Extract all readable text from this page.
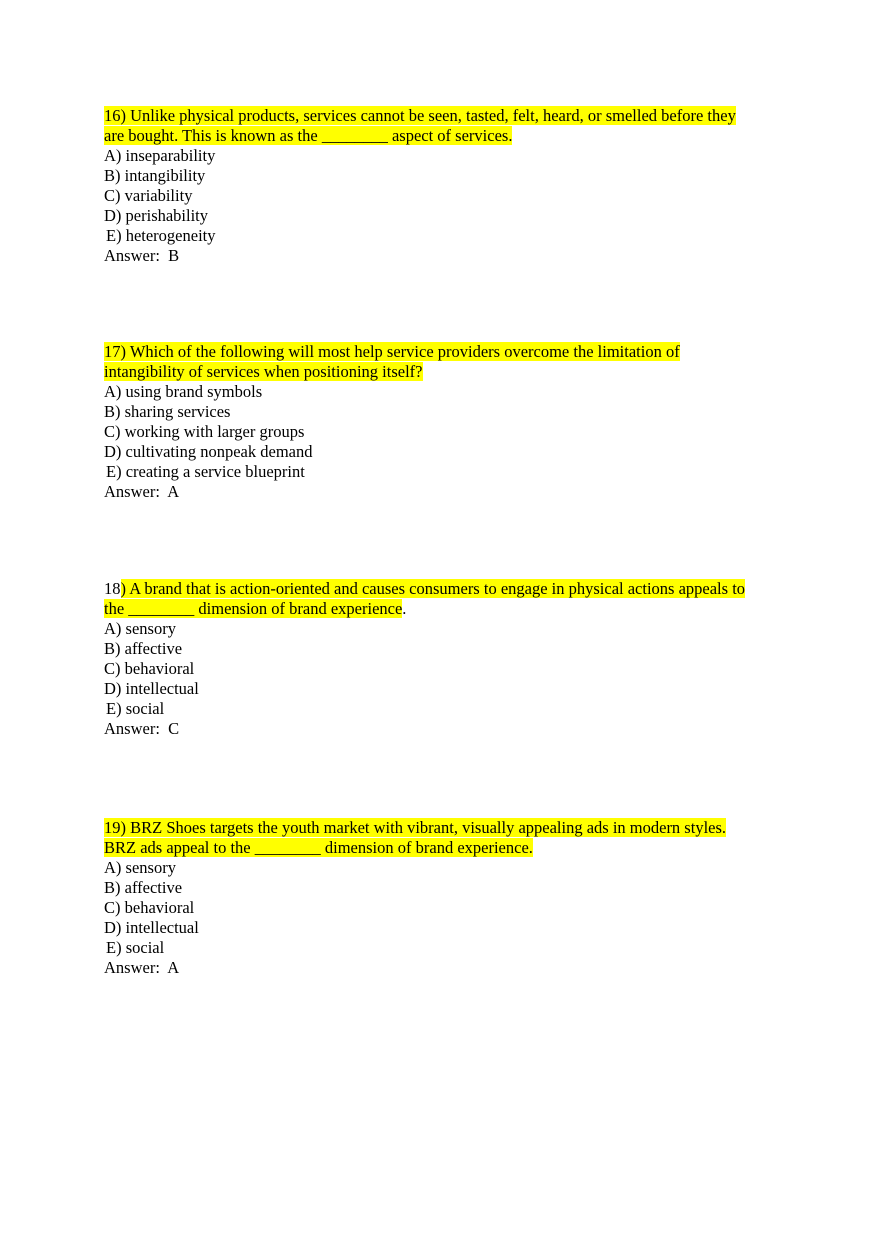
16) Unlike physical products, services cannot be seen, tasted, felt, heard, or smelled before they
are bought. This is known as the ________ aspect of services.

A) inseparability
B) intangibility
C) variability
D) perishability
E) heterogeneity
Answer: B

17) Which of the following will most help service providers overcome the limitation of
intangibility of services when positioning itself?

A) using brand symbols
B) sharing services
C) working with larger groups
D) cultivating nonpeak demand
E) creating a service blueprint
Answer: A

18) A brand that is action-oriented and causes consumers to engage in physical actions appeals to
the ________ dimension of brand experience.

A) sensory
B) affective
C) behavioral
D) intellectual
E) social
Answer: C

19) BRZ Shoes targets the youth market with vibrant, visually appealing ads in modern styles.
BRZ ads appeal to the ________ dimension of brand experience.

A) sensory
B) affective
C) behavioral
D) intellectual
E) social
Answer: A
